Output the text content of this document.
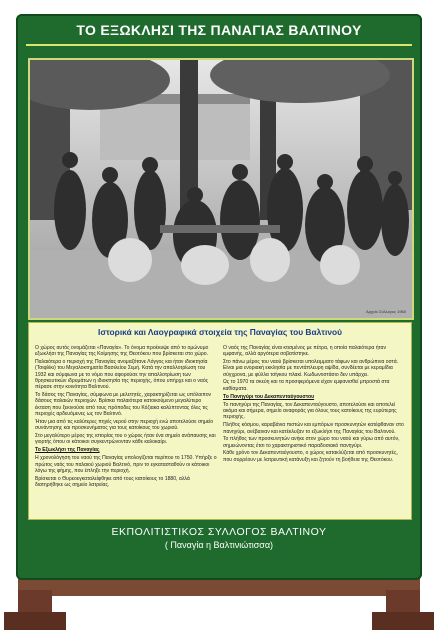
ΤΟ ΕΞΩΚΛΗΣΙ ΤΗΣ ΠΑΝΑΓΙΑΣ ΒΑΛΤΙΝΟΥ
Αρχείο Σύλλογος 1960
Ιστορικά και Λαογραφικά στοιχεία της Παναγίας του Βαλτινού

Ο χώρος αυτός ονομάζεται «Παναγία». Το όνομα προέκυψε από το ομώνυμο εξωκλήσι της Παναγίας της Κοίμησης της Θεοτόκου που βρίσκεται στο χώρο.

Παλαιότερα ο περιοχή της Παναγίας ανομαζότανε Λόγγος και ήταν ιδιοκτησία (Τσιφλίκι) του Μεγαλοκτηματία Βασιλείου Σεμή. Κατά την απαλλοτρίωση του 1932 και σύμφωνα με το νόμο που αφορούσε την απαλλοτρίωση των θρησκευτικών ιδρυμάτων η ιδιοκτησία της περιοχής, όπου υπήρχε και ο ναός πέρασε στην κοινότητα Βαλτινού.

Το δάσος της Παναγίας, σύμφωνα με μελετητές, χαρακτηρίζεται ως υπόλοιπον δάσους παλαιών περιοχών. Βρίσκει παλαιότερα κατοικούμενο μεγαλύτερο έκταση που ξεκινούσε από τους πρόποδες του Κόζιακα καλύπτοντας όλες τις περιοχές αρδευόμενες ως τον Βαλτινό.

Ήταν μια από τις καλύτερες πηγές νερού στην περιοχή ενώ αποτελούσε σημείο συνάντησης και προσκυνήματος για τους κατοίκους του χωριού.

Στο μεγαλύτερο μέρος της ιστορίας του ο χώρος ήταν ένα σημείο ανάπαυσης και γιορτής όπου οι κάτοικοι συγκεντρώνονταν κάθε καλοκαίρι.

Το Εξωκλήσι της Παναγίας

Η χρονολόγηση του ναού της Παναγίας υπολογίζεται περίπου το 1750. Υπήρξε ο πρώτος ναός του παλαιού χωριού Βαλτινό, πριν το εγκατασταθούν οι κάτοικοι λόγω της φήμης, που έπληξε την περιοχή.

Βρίσκεται ο Θυρεοεγκαταλείφθηκε από τους κατοίκους το 1880, αλλά διατηρήθηκε ως σημείο λατρείας.

Ο ναός της Παναγίας είναι κτισμένος με πέτρα, η οποία παλαιότερα ήταν εμφανής, αλλά αργότερα σοβατίστηκε.

Στο πάνω μέρος του ναού βρίσκεται υπολειμματο τάφων και ανθρώπινα οστά. Είναι μια ενοριακή εκκλησία με πεντάπλευρη αψίδα, συνδέεται με κεραμίδια σύγχρονα, με φύλλα τσίγκου πλακί. Κωδωνοστάσιο δεν υπάρχει.

Ως το 1970 τα σκεύη και τα προσφερόμενα είχαν εμφανισθεί μπροστά στα καθίσματα.

Το Πανηγύρι του Δεκαπενταύγουστου

Το πανηγύρι της Παναγίας, τον Δεκαπενταύγουστο, αποτελούσε και αποτελεί ακόμα και σήμερα, σημείο αναφοράς για όλους τους κατοίκους της ευρύτερης περιοχής.

Πλήθος κόσμου, καραβάνια πιστών και εμπόρων προσκυνητών κατέφθαναν στο πανηγύρι, ανέβαιναν και κατέκλυζαν το εξωκλήσι της Παναγίας του Βαλτινού.

Το πλήθος των προσκυνητών ανήκε στον χώρο του ναού και γύρω από αυτόν, σημειώνοντας έτσι το χαρακτηριστικό παραδοσιακό πανηγύρι.

Κάθε χρόνο τον Δεκαπενταύγουστο, ο χώρος κατακλύζεται από προσκυνητές, που συρρέουν με λατρευτική κατάνυξη και ζητούν τη βοήθεια της Θεοτόκου.

ΕΚΠΟΛΙΤΙΣΤΙΚΟΣ ΣΥΛΛΟΓΟΣ ΒΑΛΤΙΝΟΥ
( Παναγία η Βαλτινιώτισσα)
